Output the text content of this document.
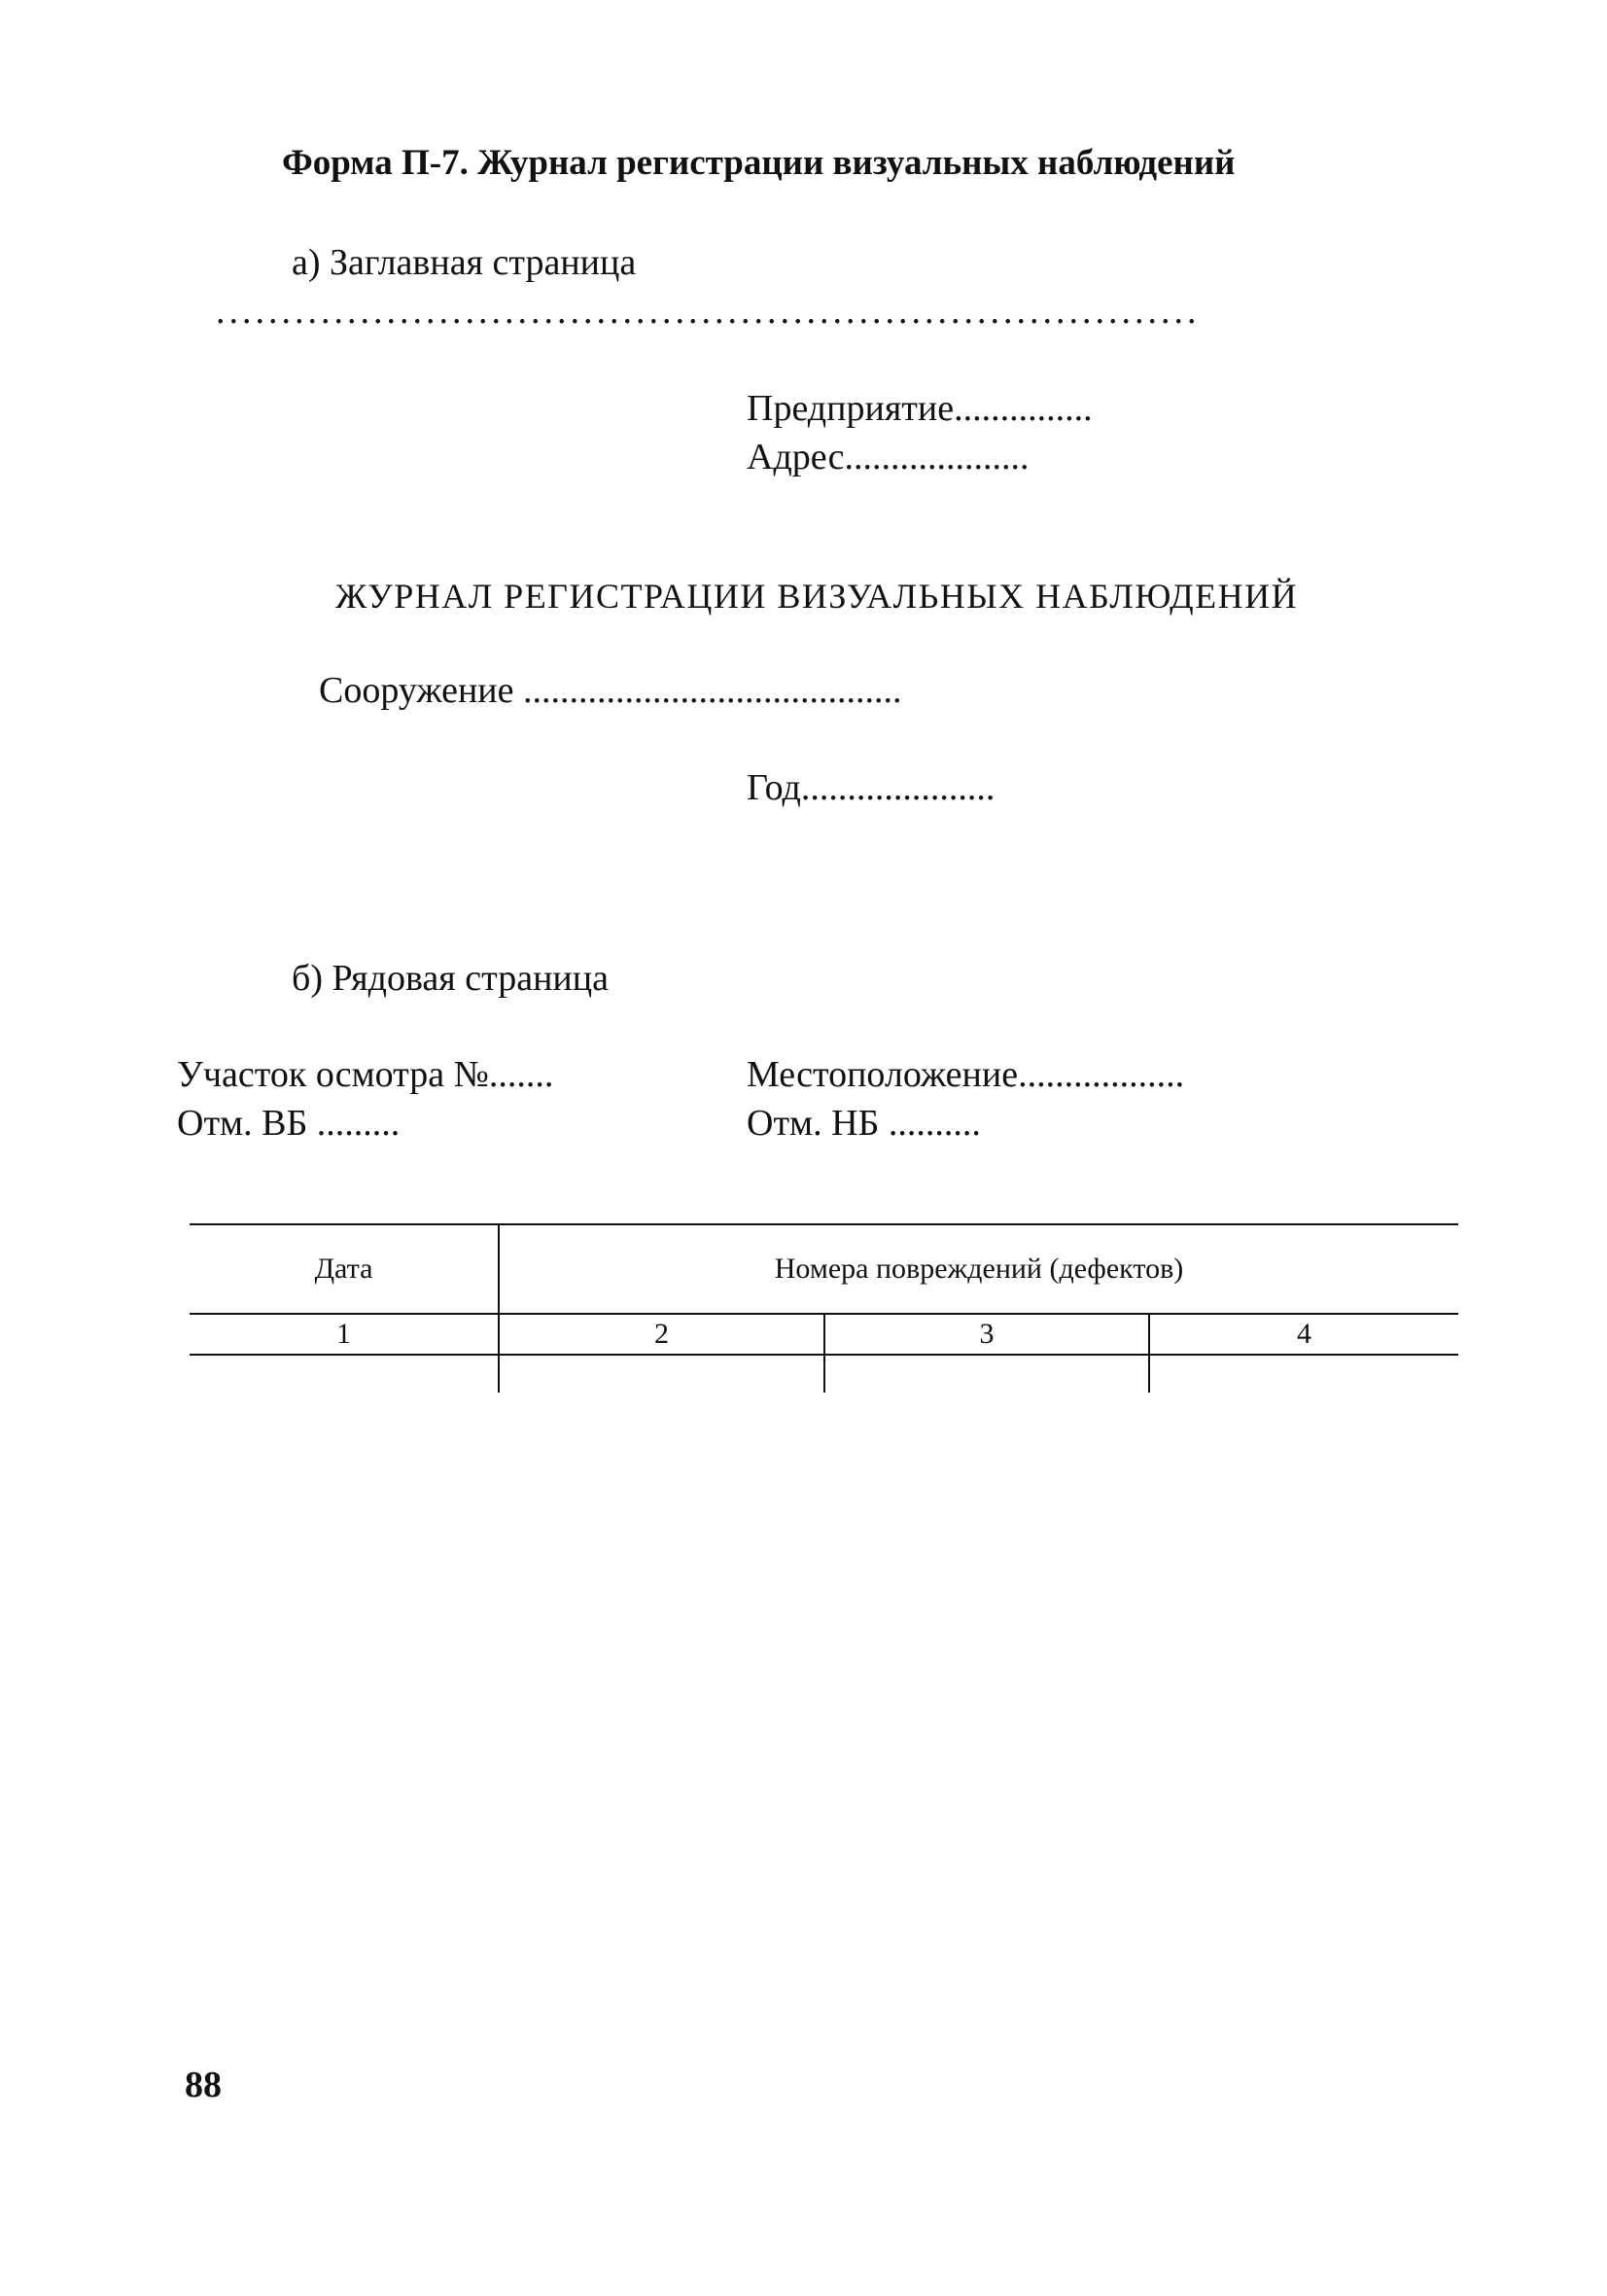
Форма П-7. Журнал регистрации визуальных наблюдений
а) Заглавная страница
...........................................................................
Предприятие...............
Адрес....................
ЖУРНАЛ РЕГИСТРАЦИИ ВИЗУАЛЬНЫХ НАБЛЮДЕНИЙ
Сооружение .........................................
Год.....................
б) Рядовая страница
Участок осмотра №.......
Отм. ВБ .........
Местоположение..................
Отм. НБ ..........
Дата	Номера повреждений (дефектов)
1	2	3	4
88
